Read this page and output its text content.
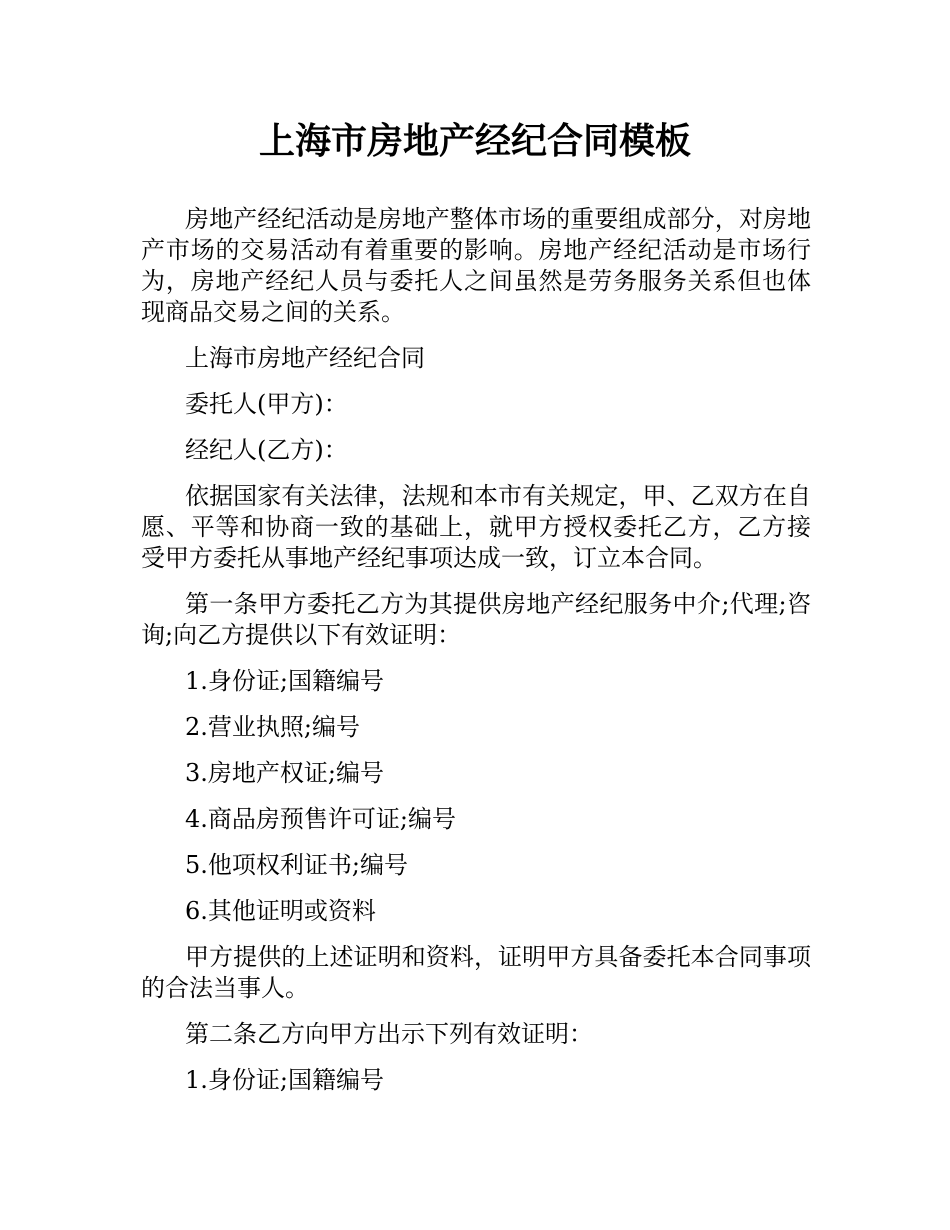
上海市房地产经纪合同模板

房地产经纪活动是房地产整体市场的重要组成部分，对房地产市场的交易活动有着重要的影响。房地产经纪活动是市场行为，房地产经纪人员与委托人之间虽然是劳务服务关系但也体现商品交易之间的关系。

上海市房地产经纪合同

委托人(甲方)：

经纪人(乙方)：

依据国家有关法律，法规和本市有关规定，甲、乙双方在自愿、平等和协商一致的基础上，就甲方授权委托乙方，乙方接受甲方委托从事地产经纪事项达成一致，订立本合同。

第一条甲方委托乙方为其提供房地产经纪服务中介;代理;咨询;向乙方提供以下有效证明：

1.身份证;国籍编号

2.营业执照;编号

3.房地产权证;编号

4.商品房预售许可证;编号

5.他项权利证书;编号

6.其他证明或资料

甲方提供的上述证明和资料，证明甲方具备委托本合同事项的合法当事人。

第二条乙方向甲方出示下列有效证明：

1.身份证;国籍编号
